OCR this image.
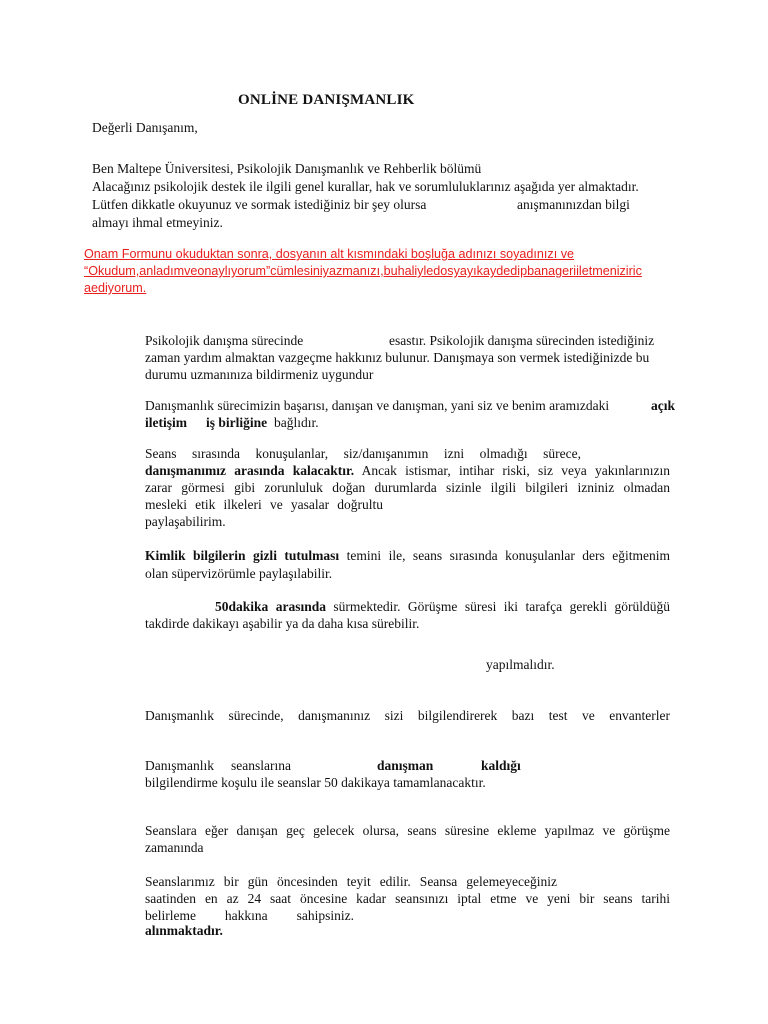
ONLİNE DANIŞMANLIK
Değerli Danışanım,
Ben Maltepe Üniversitesi, Psikolojik Danışmanlık ve Rehberlik bölümü
Alacağınız psikolojik destek ile ilgili genel kurallar, hak ve sorumluluklarınız aşağıda yer almaktadır.
Lütfen dikkatle okuyunuz ve sormak istediğiniz bir şey olursa	anışmanınızdan bilgi
almayı ihmal etmeyiniz.
Onam Formunu okuduktan sonra, dosyanın alt kısmındaki boşluğa adınızı soyadınızı ve
“Okudum,anladımveonaylıyorum”cümlesiniyazmanızı,buhaliyledosyayıkaydedipbanageriiletmeniziric
aediyorum.
Psikolojik danışma sürecinde	esastır. Psikolojik danışma sürecinden istediğiniz
zaman yardım almaktan vazgeçme hakkınız bulunur. Danışmaya son vermek istediğinizde bu
durumu uzmanınıza bildirmeniz uygundur
Danışmanlık sürecimizin başarısı, danışan ve danışman, yani siz ve benim aramızdaki	açık
iletişim iş birliğine bağlıdır.
Seans sırasında konuşulanlar, siz/danışanımın izni olmadığı sürece,
danışmanımız arasında kalacaktır. Ancak istismar, intihar riski, siz veya yakınlarınızın
zarar görmesi gibi zorunluluk doğan durumlarda sizinle ilgili bilgileri izniniz olmadan
mesleki etik ilkeleri ve yasalar doğrultu
paylaşabilirim.
Kimlik bilgilerin gizli tutulması temini ile, seans sırasında konuşulanlar ders eğitmenim
olan süpervizörümle paylaşılabilir.
50dakika arasında sürmektedir. Görüşme süresi iki tarafça gerekli görüldüğü
takdirde dakikayı aşabilir ya da daha kısa sürebilir.
yapılmalıdır.
Danışmanlık sürecinde, danışmanınız sizi bilgilendirerek bazı test ve envanterler
Danışmanlık seanslarına	danışman	kaldığı
bilgilendirme koşulu ile seanslar 50 dakikaya tamamlanacaktır.
Seanslara eğer danışan geç gelecek olursa, seans süresine ekleme yapılmaz ve görüşme
zamanında
Seanslarımız bir gün öncesinden teyit edilir. Seansa gelemeyeceğiniz
saatinden en az 24 saat öncesine kadar seansınızı iptal etme ve yeni bir seans tarihi
belirleme hakkına sahipsiniz.
alınmaktadır.
